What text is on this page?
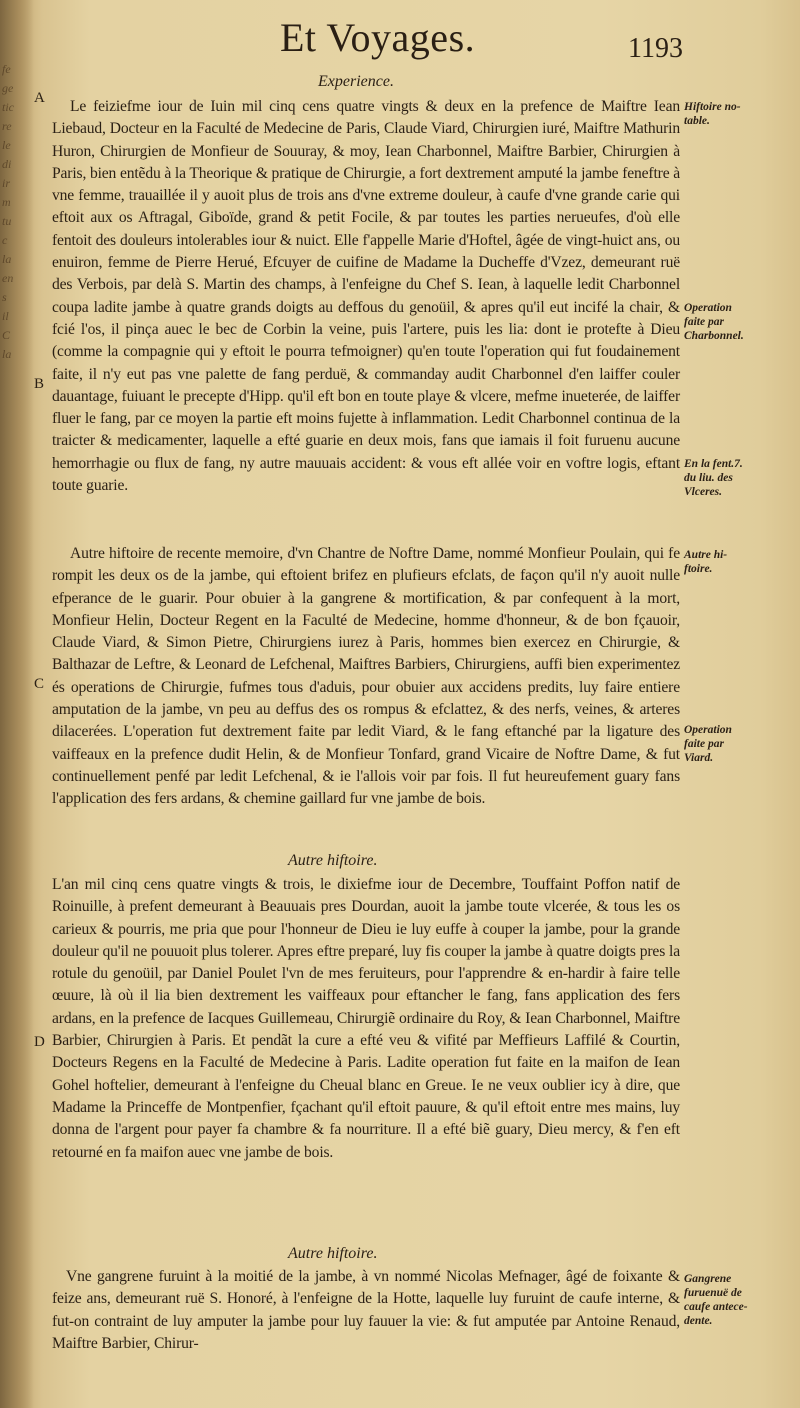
fe
ge
tic
re
le
di
ir
m
tu
c
la
en
s
il
C
la
Et Voyages.	1193
Experience.
A	Le feiziefme iour de Iuin mil cinq cens quatre vingts & deux en la prefence de Maiftre Iean Liebaud, Docteur en la Faculté de Medecine de Paris, Claude Viard, Chirurgien iuré, Maiftre Mathurin Huron, Chirurgien de Monfieur de Souuray, & moy, Iean Charbonnel, Maiftre Barbier, Chirurgien à Paris, bien entẽdu à la Theorique & pratique de Chirurgie, a fort dextrement amputé la jambe feneftre à vne femme, trauaillée il y auoit plus de trois ans d'vne extreme douleur, à caufe d'vne grande carie qui eftoit aux os Aftragal, Giboïde, grand & petit Focile, & par toutes les parties nerueufes, d'où elle fentoit des douleurs intolerables iour & nuict. Elle f'appelle Marie d'Hoftel, âgée de vingt-huict ans, ou enuiron, femme de Pierre Herué, Efcuyer de cuifine de Madame la Ducheffe d'Vzez, demeurant ruë des Verbois, par delà S. Martin des champs, à l'enfeigne du Chef S. Iean, à laquelle ledit Charbonnel coupa ladite jambe à quatre grands doigts au deffous du genoüil, & apres qu'il eut incifé la chair, & fcié l'os, il pinça auec le bec de Corbin la veine, puis l'artere, puis les lia: dont ie protefte à Dieu (comme la compagnie qui y eftoit le pourra tefmoigner) qu'en toute l'operation qui fut foudainement faite, il n'y eut pas vne palette de fang perduë, & commanday audit Charbonnel d'en laiffer couler dauantage, fuiuant le precepte d'Hipp. qu'il eft bon en toute playe & vlcere, mefme inueterée, de laiffer fluer le fang, par ce moyen la partie eft moins fujette à inflammation. Ledit Charbonnel continua de la traicter & medicamenter, laquelle a efté guarie en deux mois, fans que iamais il foit furuenu aucune hemorrhagie ou flux de fang, ny autre mauuais accident: & vous eft allée voir en voftre logis, eftant toute guarie.
B
Autre hiftoire de recente memoire, d'vn Chantre de Noftre Dame, nommé Monfieur Poulain, qui fe rompit les deux os de la jambe, qui eftoient brifez en plufieurs efclats, de façon qu'il n'y auoit nulle efperance de le guarir. Pour obuier à la gangrene & mortification, & par confequent à la mort, Monfieur Helin, Docteur Regent en la Faculté de Medecine, homme d'honneur, & de bon fçauoir, Claude Viard, & Simon Pietre, Chirurgiens iurez à Paris, hommes bien exercez en Chirurgie, & Balthazar de Leftre, & Leonard de Lefchenal, Maiftres Barbiers, Chirurgiens, auffi bien experimentez és operations de Chirurgie, fufmes tous d'aduis, pour obuier aux accidens predits, luy faire entiere amputation de la jambe, vn peu au deffus des os rompus & efclattez, & des nerfs, veines, & arteres dilacerées. L'operation fut dextrement faite par ledit Viard, & le fang eftanché par la ligature des vaiffeaux en la prefence dudit Helin, & de Monfieur Tonfard, grand Vicaire de Noftre Dame, & fut continuellement penfé par ledit Lefchenal, & ie l'allois voir par fois. Il fut heureufement guary fans l'application des fers ardans, & chemine gaillard fur vne jambe de bois.
C
Autre hiftoire.
L'an mil cinq cens quatre vingts & trois, le dixiefme iour de Decembre, Touffaint Poffon natif de Roinuille, à prefent demeurant à Beauuais pres Dourdan, auoit la jambe toute vlcerée, & tous les os carieux & pourris, me pria que pour l'honneur de Dieu ie luy euffe à couper la jambe, pour la grande douleur qu'il ne pouuoit plus tolerer. Apres eftre preparé, luy fis couper la jambe à quatre doigts pres la rotule du genoüil, par Daniel Poulet l'vn de mes feruiteurs, pour l'apprendre & en-hardir à faire telle œuure, là où il lia bien dextrement les vaiffeaux pour eftancher le fang, fans application des fers ardans, en la prefence de Iacques Guillemeau, Chirurgiẽ ordinaire du Roy, & Iean Charbonnel, Maiftre Barbier, Chirurgien à Paris. Et pendãt la cure a efté veu & vifité par Meffieurs Laffilé & Courtin, Docteurs Regens en la Faculté de Medecine à Paris. Ladite operation fut faite en la maifon de Iean Gohel hoftelier, demeurant à l'enfeigne du Cheual blanc en Greue. Ie ne veux oublier icy à dire, que Madame la Princeffe de Montpenfier, fçachant qu'il eftoit pauure, & qu'il eftoit entre mes mains, luy donna de l'argent pour payer fa chambre & fa nourriture. Il a efté biẽ guary, Dieu mercy, & f'en eft retourné en fa maifon auec vne jambe de bois.
D
Autre hiftoire.
Vne gangrene furuint à la moitié de la jambe, à vn nommé Nicolas Mefnager, âgé de foixante & feize ans, demeurant ruë S. Honoré, à l'enfeigne de la Hotte, laquelle luy furuint de caufe interne, & fut-on contraint de luy amputer la jambe pour luy fauuer la vie: & fut amputée par Antoine Renaud, Maiftre Barbier, Chirur-
Hiftoire no-
table.
Operation
faite par
Charbonnel.
En la fent.7.
du liu. des
Vlceres.
Autre hi-
ftoire.
Operation
faite par
Viard.
Gangrene
furuenuë de
caufe antece-
dente.
